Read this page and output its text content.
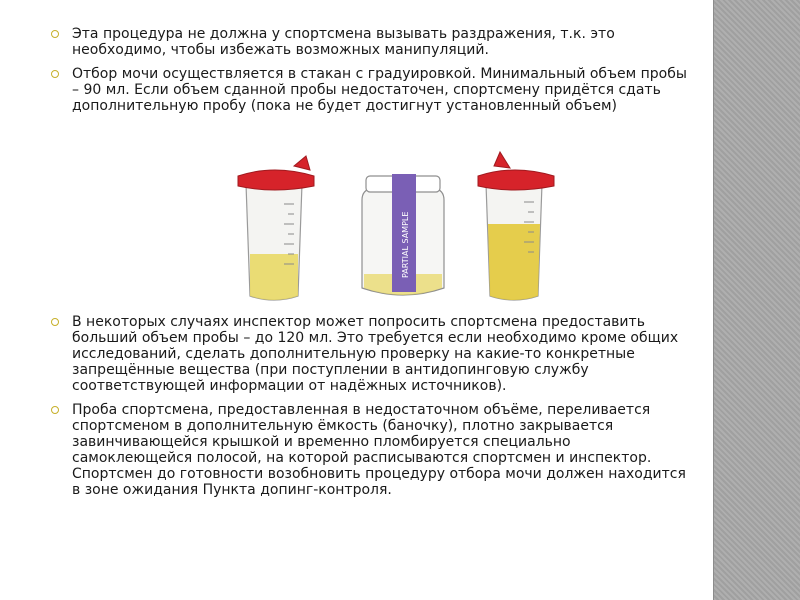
Эта процедура не должна у спортсмена вызывать раздражения, т.к. это необходимо, чтобы избежать возможных манипуляций.
Отбор мочи осуществляется в стакан с градуировкой. Минимальный объем пробы – 90 мл. Если объем сданной пробы недостаточен, спортсмену придётся сдать дополнительную пробу (пока не будет достигнут установленный объем)
PARTIAL SAMPLE
В некоторых случаях инспектор может попросить спортсмена предоставить больший объем пробы – до 120 мл. Это требуется если необходимо кроме общих исследований, сделать дополнительную проверку на какие-то конкретные запрещённые вещества (при поступлении в антидопинговую службу соответствующей информации от надёжных источников).
Проба спортсмена, предоставленная в недостаточном объёме, переливается спортсменом в дополнительную ёмкость (баночку), плотно закрывается завинчивающейся крышкой и временно пломбируется специально самоклеющейся полосой, на которой расписываются спортсмен и инспектор. Спортсмен до готовности возобновить процедуру отбора мочи должен находится в зоне ожидания Пункта допинг-контроля.
